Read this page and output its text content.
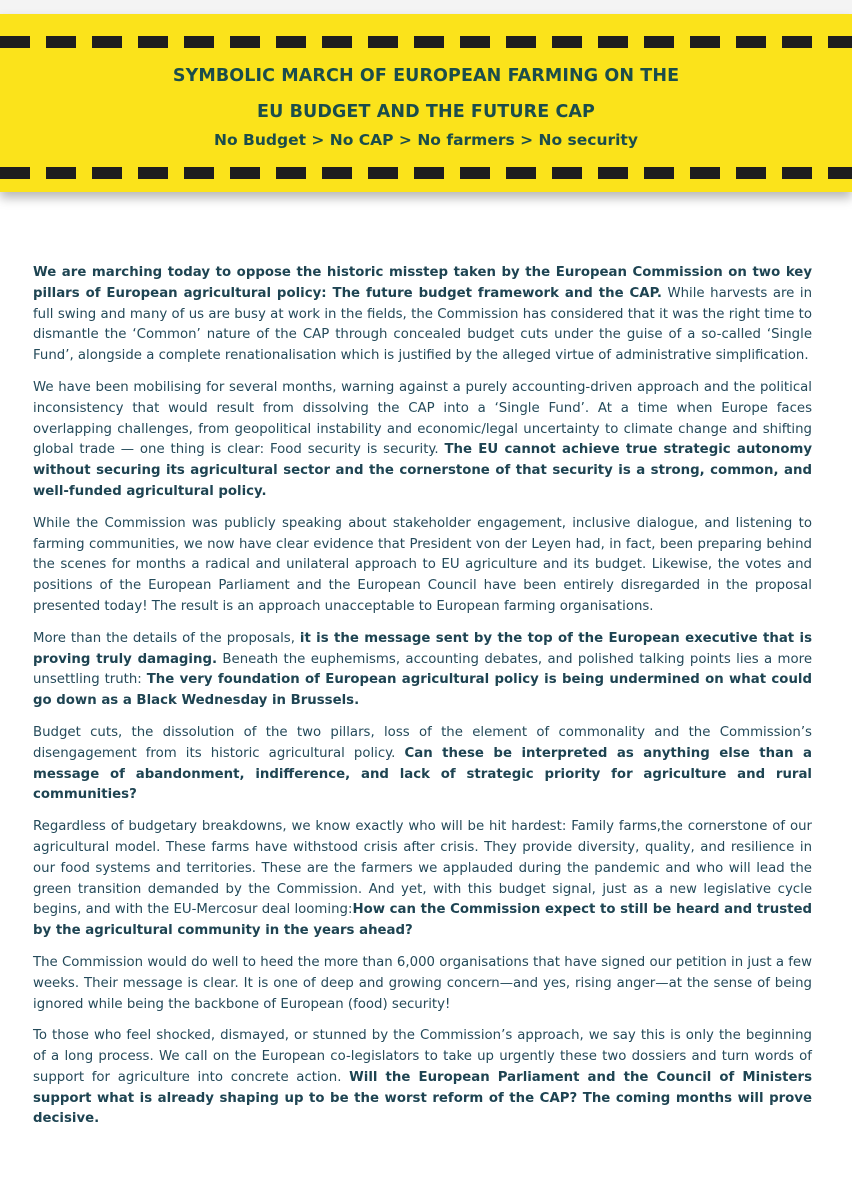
SYMBOLIC MARCH OF EUROPEAN FARMING ON THE
EU BUDGET AND THE FUTURE CAP
No Budget > No CAP > No farmers > No security

We are marching today to oppose the historic misstep taken by the European Commission on two key pillars of European agricultural policy: The future budget framework and the CAP. While harvests are in full swing and many of us are busy at work in the fields, the Commission has considered that it was the right time to dismantle the ‘Common’ nature of the CAP through concealed budget cuts under the guise of a so-called ‘Single Fund’, alongside a complete renationalisation which is justified by the alleged virtue of administrative simplification.

We have been mobilising for several months, warning against a purely accounting-driven approach and the political inconsistency that would result from dissolving the CAP into a ‘Single Fund’. At a time when Europe faces overlapping challenges, from geopolitical instability and economic/legal uncertainty to climate change and shifting global trade — one thing is clear: Food security is security. The EU cannot achieve true strategic autonomy without securing its agricultural sector and the cornerstone of that security is a strong, common, and well-funded agricultural policy.

While the Commission was publicly speaking about stakeholder engagement, inclusive dialogue, and listening to farming communities, we now have clear evidence that President von der Leyen had, in fact, been preparing behind the scenes for months a radical and unilateral approach to EU agriculture and its budget. Likewise, the votes and positions of the European Parliament and the European Council have been entirely disregarded in the proposal presented today! The result is an approach unacceptable to European farming organisations.

More than the details of the proposals, it is the message sent by the top of the European executive that is proving truly damaging. Beneath the euphemisms, accounting debates, and polished talking points lies a more unsettling truth: The very foundation of European agricultural policy is being undermined on what could go down as a Black Wednesday in Brussels.

Budget cuts, the dissolution of the two pillars, loss of the element of commonality and the Commission’s disengagement from its historic agricultural policy. Can these be interpreted as anything else than a message of abandonment, indifference, and lack of strategic priority for agriculture and rural communities?

Regardless of budgetary breakdowns, we know exactly who will be hit hardest: Family farms,the cornerstone of our agricultural model. These farms have withstood crisis after crisis. They provide diversity, quality, and resilience in our food systems and territories. These are the farmers we applauded during the pandemic and who will lead the green transition demanded by the Commission. And yet, with this budget signal, just as a new legislative cycle begins, and with the EU-Mercosur deal looming:How can the Commission expect to still be heard and trusted by the agricultural community in the years ahead?

The Commission would do well to heed the more than 6,000 organisations that have signed our petition in just a few weeks. Their message is clear. It is one of deep and growing concern—and yes, rising anger—at the sense of being ignored while being the backbone of European (food) security!

To those who feel shocked, dismayed, or stunned by the Commission’s approach, we say this is only the beginning of a long process. We call on the European co-legislators to take up urgently these two dossiers and turn words of support for agriculture into concrete action. Will the European Parliament and the Council of Ministers support what is already shaping up to be the worst reform of the CAP? The coming months will prove decisive.
